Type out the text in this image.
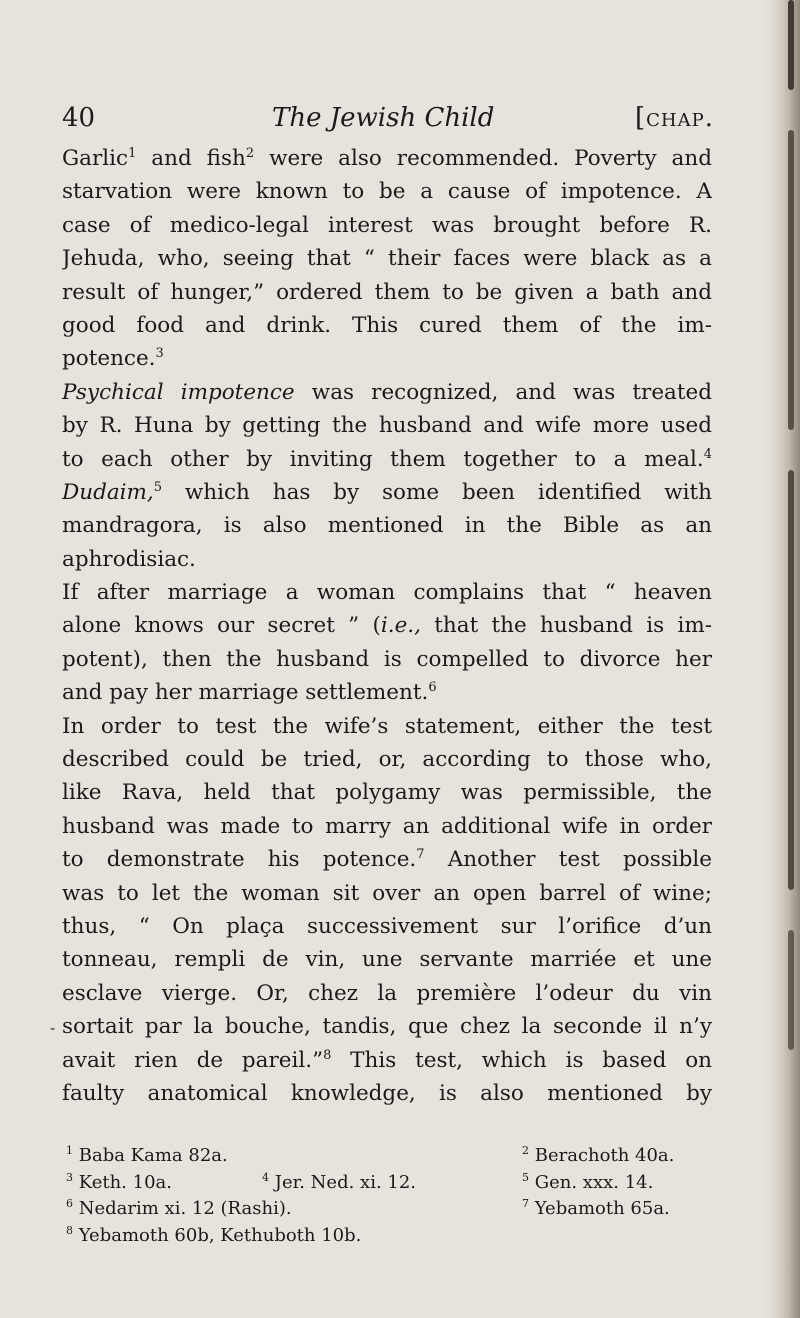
40	The Jewish Child	[chap.
Garlic$^1$ and fish$^2$ were also recommended. Poverty and
starvation were known to be a cause of impotence. A
case of medico-legal interest was brought before R.
Jehuda, who, seeing that “ their faces were black as a
result of hunger,” ordered them to be given a bath and
good food and drink. This cured them of the im-
potence.$^3$
Psychical impotence was recognized, and was treated
by R. Huna by getting the husband and wife more used
to each other by inviting them together to a meal.$^4$
Dudaim,$^5$ which has by some been identified with
mandragora, is also mentioned in the Bible as an
aphrodisiac.
If after marriage a woman complains that “ heaven
alone knows our secret ” (i.e., that the husband is im-
potent), then the husband is compelled to divorce her
and pay her marriage settlement.$^6$
In order to test the wife’s statement, either the test
described could be tried, or, according to those who,
like Rava, held that polygamy was permissible, the
husband was made to marry an additional wife in order
to demonstrate his potence.$^7$ Another test possible
was to let the woman sit over an open barrel of wine;
thus, “ On plaça successivement sur l’orifice d’un
tonneau, rempli de vin, une servante marriée et une
esclave vierge. Or, chez la première l’odeur du vin
sortait par la bouche, tandis, que chez la seconde il n’y
avait rien de pareil.”$^8$ This test, which is based on
faulty anatomical knowledge, is also mentioned by
˗
$^1$ Baba Kama 82a.	$^2$ Berachoth 40a.
$^3$ Keth. 10a.	$^4$ Jer. Ned. xi. 12.	$^5$ Gen. xxx. 14.
$^6$ Nedarim xi. 12 (Rashi).	$^7$ Yebamoth 65a.
$^8$ Yebamoth 60b, Kethuboth 10b.
